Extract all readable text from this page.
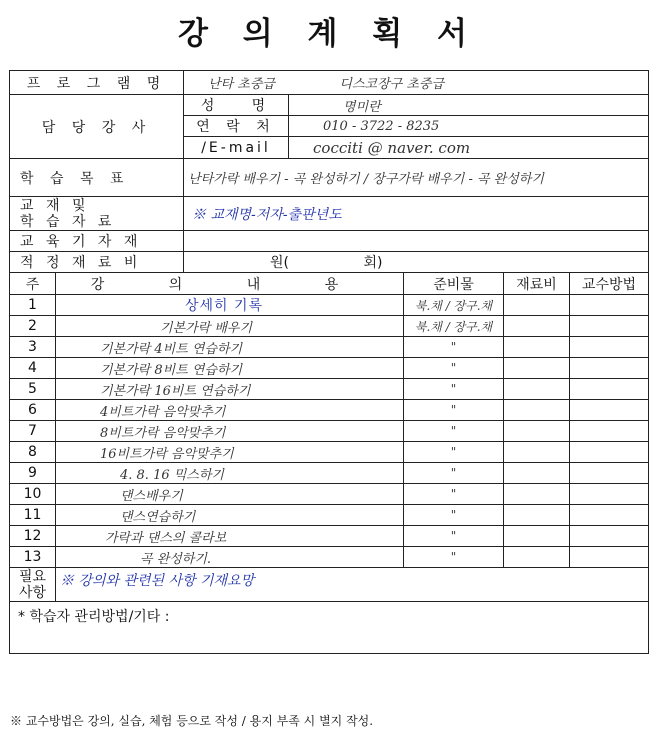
강 의 계 획 서
프 로 그 램 명		난타 초중급 디스코장구 초중급				
담 당 강 사		성   명	명미란			
		연 락 처	010 - 3722 - 8235			
		/E-mail	cocciti @ naver. com			
학 습 목 표		난타가락 배우기 - 곡 완성하기 / 장구가락 배우기 - 곡 완성하기				

교 재 및
학 습 자 료		※ 교재명-저자-출판년도				
교 육 기 자 재						
적 정 재 료 비		원( 회)				
주	강 의 내 용			준비물	재료비	교수방법
1	상세히 기록			북.채 / 장구.채		
2	기본가락 배우기			북.채 / 장구.채		
3	기본가락 4비트 연습하기			"		
4	기본가락 8비트 연습하기			"		
5	기본가락 16비트 연습하기			"		
6	4비트가락 음악맞추기			"		
7	8비트가락 음악맞추기			"		
8	16비트가락 음악맞추기			"		
9	4. 8. 16 믹스하기			"		
10	댄스배우기			"		
11	댄스연습하기			"		
12	가락과 댄스의 콜라보			"		
13	곡 완성하기.			"		

필요
사항	※ 강의와 관련된 사항 기재요망					
* 학습자 관리방법/기타 :						
※ 교수방법은 강의, 실습, 체험 등으로 작성 / 용지 부족 시 별지 작성.
